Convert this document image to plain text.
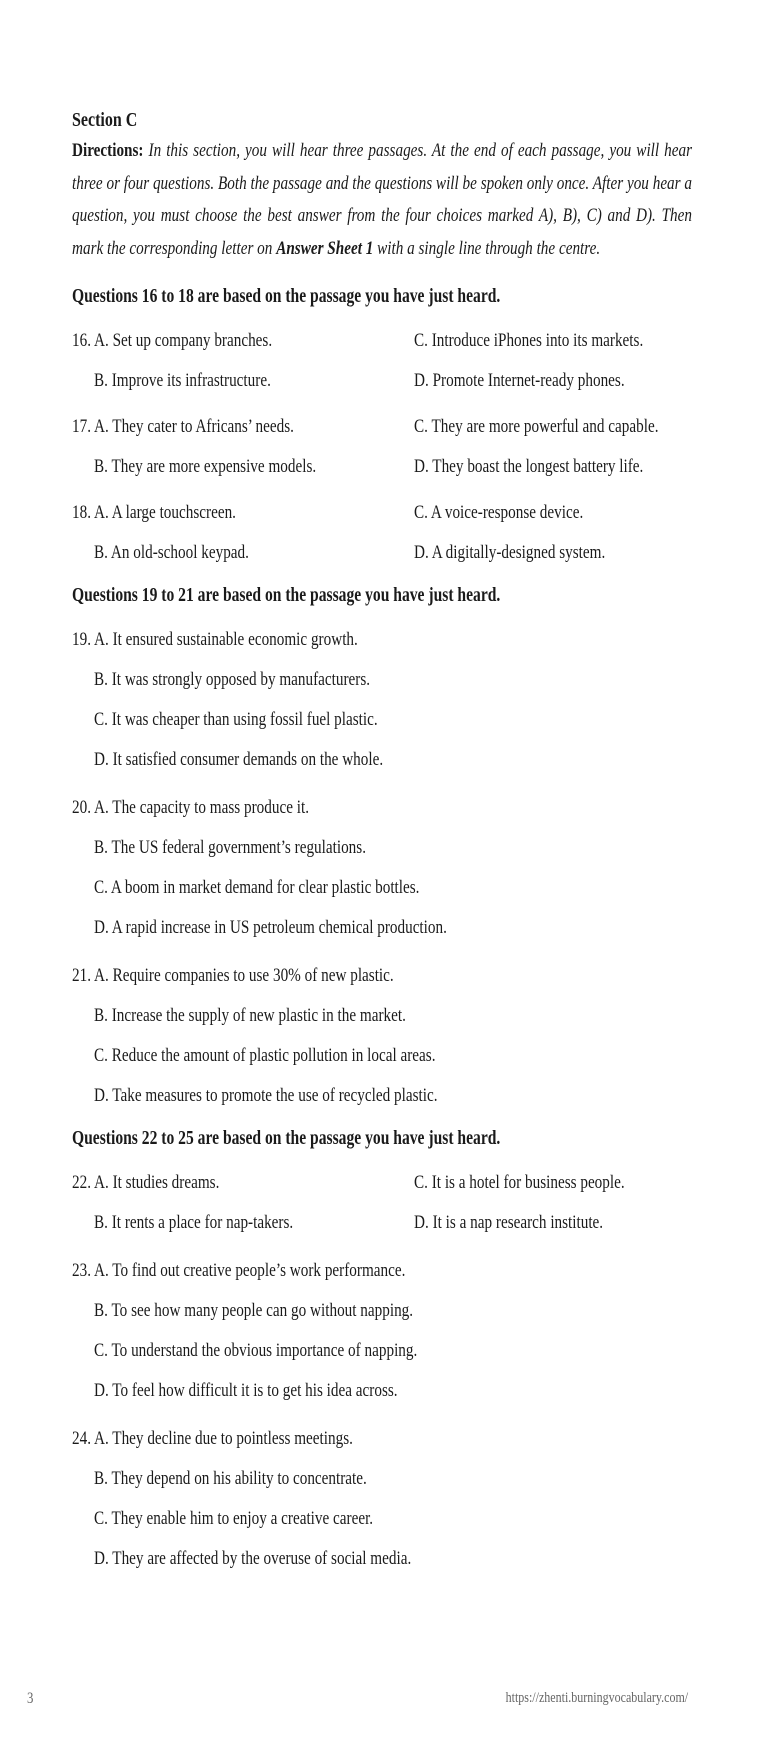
Section C
Directions: In this section, you will hear three passages. At the end of each passage, you will hear three or four questions. Both the passage and the questions will be spoken only once. After you hear a question, you must choose the best answer from the four choices marked A), B), C) and D). Then mark the corresponding letter on Answer Sheet 1 with a single line through the centre.
Questions 16 to 18 are based on the passage you have just heard.
16. A. Set up company branches.	C. Introduce iPhones into its markets.
B. Improve its infrastructure.	D. Promote Internet-ready phones.
17. A. They cater to Africans’ needs.	C. They are more powerful and capable.
B. They are more expensive models.	D. They boast the longest battery life.
18. A. A large touchscreen.	C. A voice-response device.
B. An old-school keypad.	D. A digitally-designed system.
Questions 19 to 21 are based on the passage you have just heard.
19. A. It ensured sustainable economic growth.
B. It was strongly opposed by manufacturers.
C. It was cheaper than using fossil fuel plastic.
D. It satisfied consumer demands on the whole.
20. A. The capacity to mass produce it.
B. The US federal government’s regulations.
C. A boom in market demand for clear plastic bottles.
D. A rapid increase in US petroleum chemical production.
21. A. Require companies to use 30% of new plastic.
B. Increase the supply of new plastic in the market.
C. Reduce the amount of plastic pollution in local areas.
D. Take measures to promote the use of recycled plastic.
Questions 22 to 25 are based on the passage you have just heard.
22. A. It studies dreams.	C. It is a hotel for business people.
B. It rents a place for nap-takers.	D. It is a nap research institute.
23. A. To find out creative people’s work performance.
B. To see how many people can go without napping.
C. To understand the obvious importance of napping.
D. To feel how difficult it is to get his idea across.
24. A. They decline due to pointless meetings.
B. They depend on his ability to concentrate.
C. They enable him to enjoy a creative career.
D. They are affected by the overuse of social media.
3	https://zhenti.burningvocabulary.com/
